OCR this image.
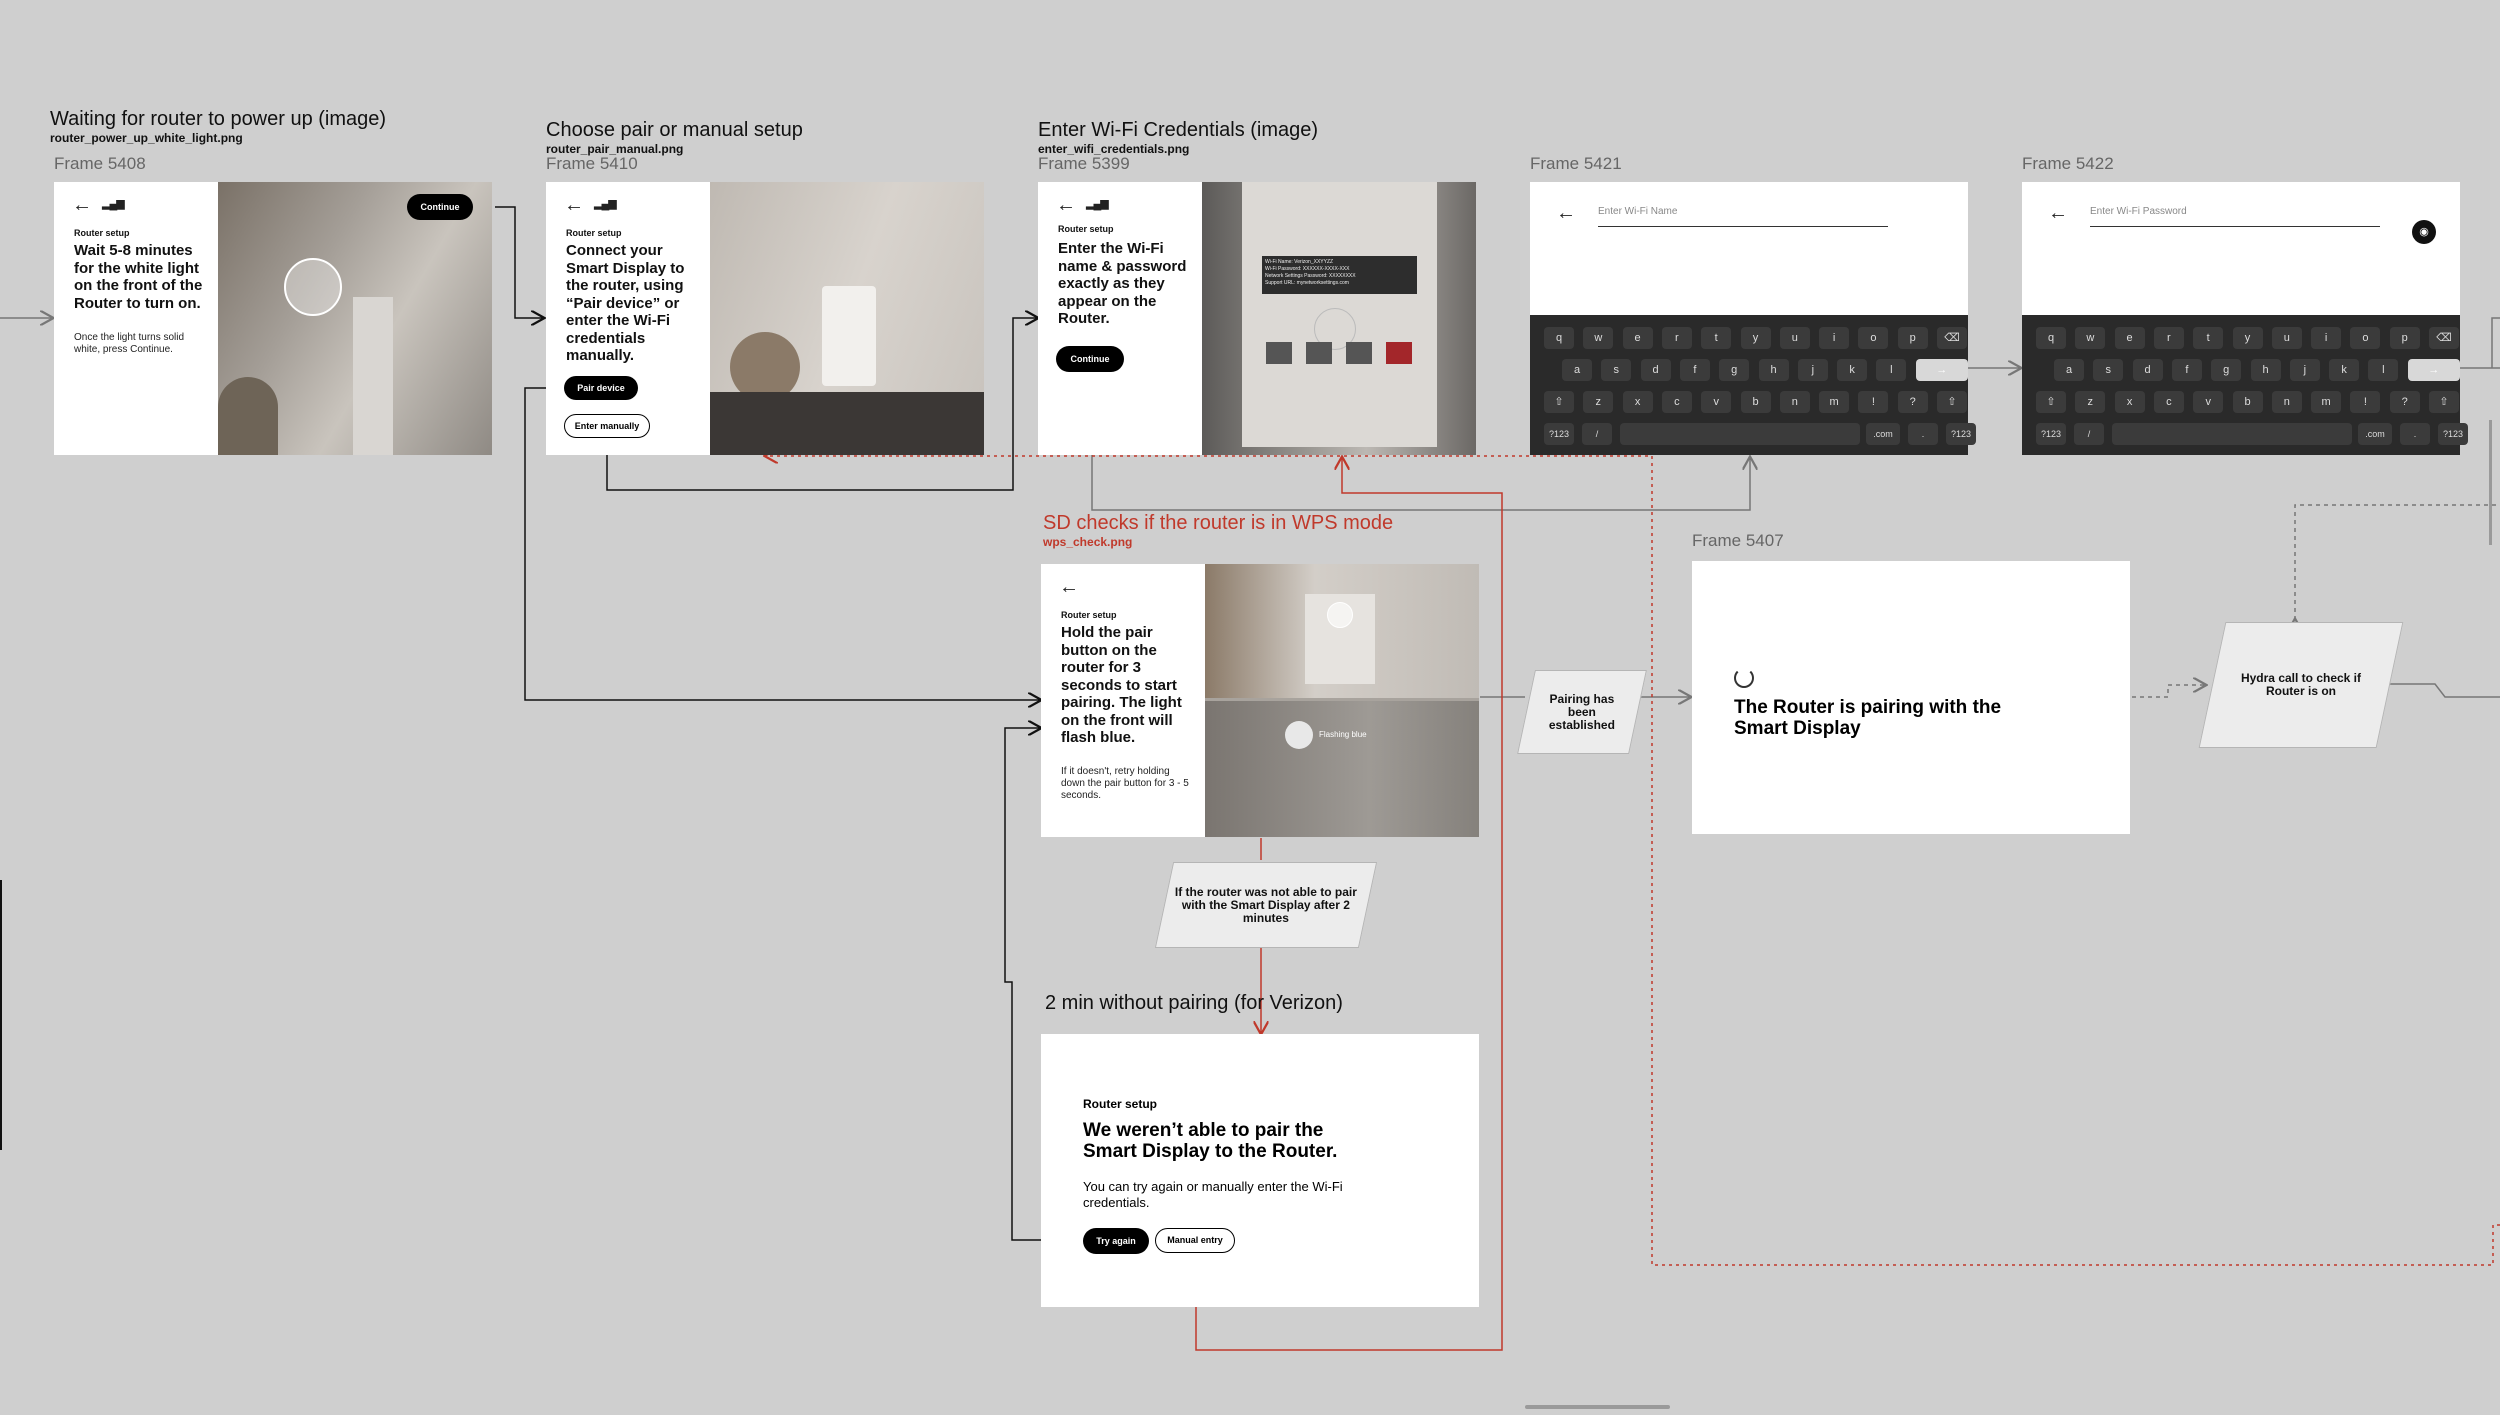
Waiting for router to power up (image)
router_power_up_white_light.png
Frame 5408
← ▂▄▆
Router setup
Wait 5-8 minutes for the white light on the front of the Router to turn on.
Once the light turns solid white, press Continue.
Continue
Choose pair or manual setup
router_pair_manual.png
Frame 5410
← ▂▄▆
Router setup
Connect your Smart Display to the router, using “Pair device” or enter the Wi-Fi credentials manually.
Pair device
Enter manually
Enter Wi-Fi Credentials (image)
enter_wifi_credentials.png
Frame 5399
Wi-Fi Name: Verizon_XXYYZZ
Wi-Fi Password: XXXXXX-XXXX-XXX
Network Settings Password: XXXXXXXX
Support URL: mynetworksettings.com
← ▂▄▆
Router setup
Enter the Wi-Fi name & password exactly as they appear on the Router.
Continue
Frame 5421
← Enter Wi-Fi Name
q	w	e	r	t	y	u	i	o	p	⌫
a	s	d	f	g	h	j	k	l	→
⇧	z	x	c	v	b	n	m	!	?	⇧
?123	/	.com	.	?123
Frame 5422
← Enter Wi-Fi Password
◉
q	w	e	r	t	y	u	i	o	p	⌫
a	s	d	f	g	h	j	k	l	→
⇧	z	x	c	v	b	n	m	!	?	⇧
?123	/	.com	.	?123
SD checks if the router is in WPS mode
wps_check.png
Flashing blue
←
Router setup
Hold the pair button on the router for 3 seconds to start pairing. The light on the front will flash blue.
If it doesn't, retry holding down the pair button for 3 - 5 seconds.
Frame 5407
The Router is pairing with the Smart Display
2 min without pairing (for Verizon)
Router setup
We weren’t able to pair the Smart Display to the Router.
You can try again or manually enter the Wi-Fi credentials.
Try again	Manual entry
Pairing has been established
If the router was not able to pair with the Smart Display after 2 minutes
Hydra call to check if Router is on
